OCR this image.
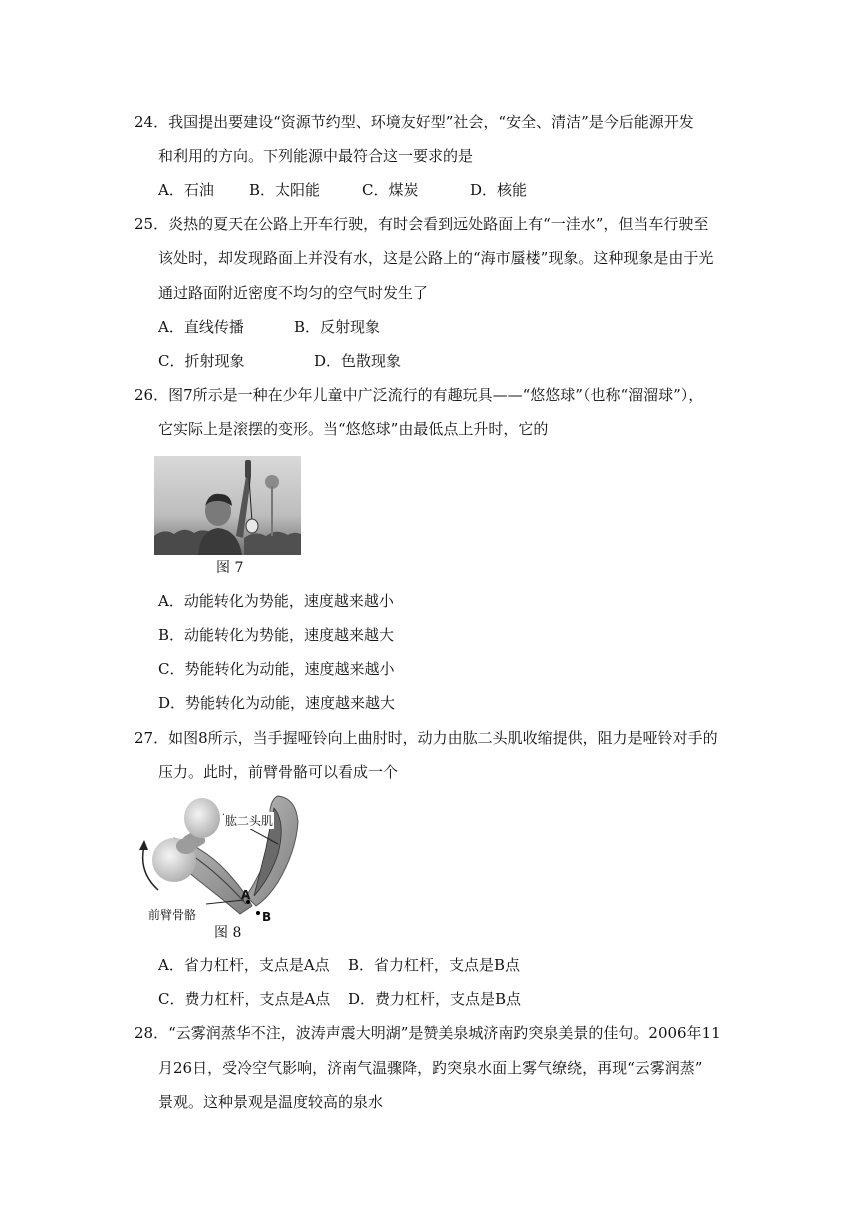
24．我国提出要建设“资源节约型、环境友好型”社会，“安全、清洁”是今后能源开发
和利用的方向。下列能源中最符合这一要求的是
A．石油 B．太阳能	C．煤炭	D．核能
25．炎热的夏天在公路上开车行驶，有时会看到远处路面上有“一洼水”，但当车行驶至
该处时，却发现路面上并没有水，这是公路上的“海市蜃楼”现象。这种现象是由于光
通过路面附近密度不均匀的空气时发生了
A．直线传播	B．反射现象
C．折射现象	D．色散现象
26．图7所示是一种在少年儿童中广泛流行的有趣玩具——“悠悠球”（也称“溜溜球”），
它实际上是滚摆的变形。当“悠悠球”由最低点上升时，它的
图 7
A．动能转化为势能，速度越来越小
B．动能转化为势能，速度越来越大
C．势能转化为动能，速度越来越小
D．势能转化为动能，速度越来越大
27．如图8所示，当手握哑铃向上曲肘时，动力由肱二头肌收缩提供，阻力是哑铃对手的
压力。此时，前臂骨骼可以看成一个
肱二头肌
前臂骨骼
A
B
图 8
A．省力杠杆，支点是A点 B．省力杠杆，支点是B点
C．费力杠杆，支点是A点 D．费力杠杆，支点是B点
28．“云雾润蒸华不注，波涛声震大明湖”是赞美泉城济南趵突泉美景的佳句。2006年11
月26日，受冷空气影响，济南气温骤降，趵突泉水面上雾气缭绕，再现“云雾润蒸”
景观。这种景观是温度较高的泉水
